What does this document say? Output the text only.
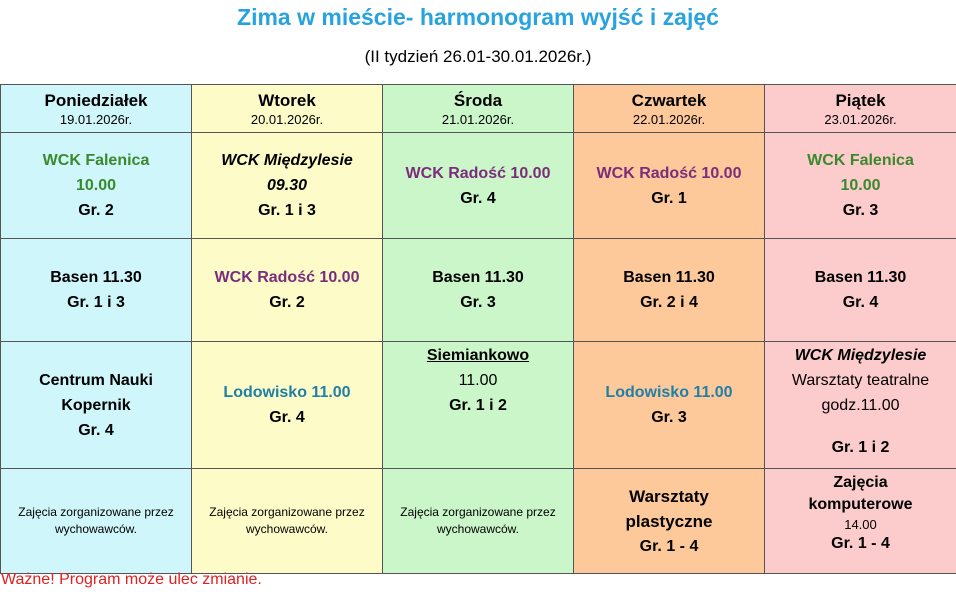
Zima w mieście- harmonogram wyjść i zajęć
(II tydzień 26.01-30.01.2026r.)
Poniedziałek
19.01.2026r.	Wtorek
20.01.2026r.	Środa
21.01.2026r.	Czwartek
22.01.2026r.	Piątek
23.01.2026r.

WCK Falenica
10.00
Gr. 2	WCK Międzylesie
09.30
Gr. 1 i 3	WCK Radość 10.00
Gr. 4	WCK Radość 10.00
Gr. 1	WCK Falenica
10.00
Gr. 3

Basen 11.30
Gr. 1 i 3	WCK Radość 10.00
Gr. 2	Basen 11.30
Gr. 3	Basen 11.30
Gr. 2 i 4	Basen 11.30
Gr. 4

Centrum Nauki
Kopernik
Gr. 4	Lodowisko 11.00
Gr. 4	Siemiankowo
11.00
Gr. 1 i 2	Lodowisko 11.00
Gr. 3	WCK Międzylesie
Warsztaty teatralne
godz.11.00
Gr. 1 i 2

Zajęcia zorganizowane przez
wychowawców.	Zajęcia zorganizowane przez
wychowawców.	Zajęcia zorganizowane przez
wychowawców.	Warsztaty
plastyczne
Gr. 1 - 4	Zajęcia
komputerowe
14.00
Gr. 1 - 4
Ważne! Program może ulec zmianie.
